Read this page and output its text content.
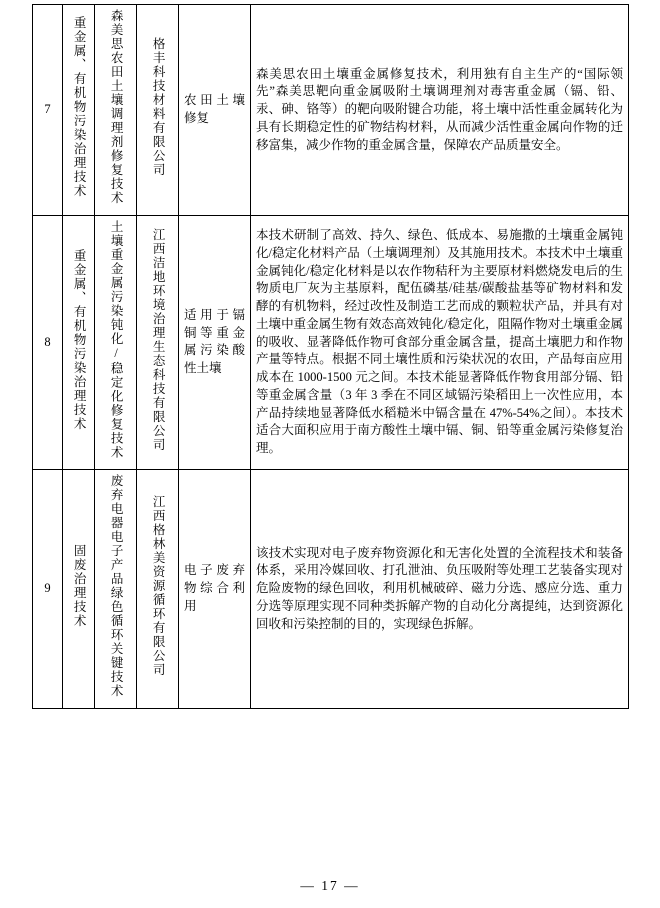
7	重金属、有机物污染治理技术	森美思农田土壤调理剂修复技术	格丰科技材料有限公司	农田土壤修复	森美思农田土壤重金属修复技术，利用独有自主生产的“国际领先”森美思靶向重金属吸附土壤调理剂对毒害重金属（镉、铅、汞、砷、铬等）的靶向吸附键合功能，将土壤中活性重金属转化为具有长期稳定性的矿物结构材料，从而减少活性重金属向作物的迁移富集，减少作物的重金属含量，保障农产品质量安全。
8	重金属、有机物污染治理技术	土壤重金属污染钝化/稳定化修复技术	江西洁地环境治理生态科技有限公司	适用于镉铜等重金属污染酸性土壤	本技术研制了高效、持久、绿色、低成本、易施撒的土壤重金属钝化/稳定化材料产品（土壤调理剂）及其施用技术。本技术中土壤重金属钝化/稳定化材料是以农作物秸秆为主要原材料燃烧发电后的生物质电厂灰为主基原料，配伍磷基/硅基/碳酸盐基等矿物材料和发酵的有机物料，经过改性及制造工艺而成的颗粒状产品，并具有对土壤中重金属生物有效态高效钝化/稳定化，阻隔作物对土壤重金属的吸收、显著降低作物可食部分重金属含量，提高土壤肥力和作物产量等特点。根据不同土壤性质和污染状况的农田，产品每亩应用成本在 1000-1500 元之间。本技术能显著降低作物食用部分镉、铅等重金属含量（3 年 3 季在不同区域镉污染稻田上一次性应用，本产品持续地显著降低水稻糙米中镉含量在 47%-54%之间）。本技术适合大面积应用于南方酸性土壤中镉、铜、铅等重金属污染修复治理。
9	固废治理技术	废弃电器电子产品绿色循环关键技术	江西格林美资源循环有限公司	电子废弃物综合利用	该技术实现对电子废弃物资源化和无害化处置的全流程技术和装备体系，采用冷媒回收、打孔泄油、负压吸附等处理工艺装备实现对危险废物的绿色回收，利用机械破碎、磁力分选、感应分选、重力分选等原理实现不同种类拆解产物的自动化分离提纯，达到资源化回收和污染控制的目的，实现绿色拆解。
— 17 —
